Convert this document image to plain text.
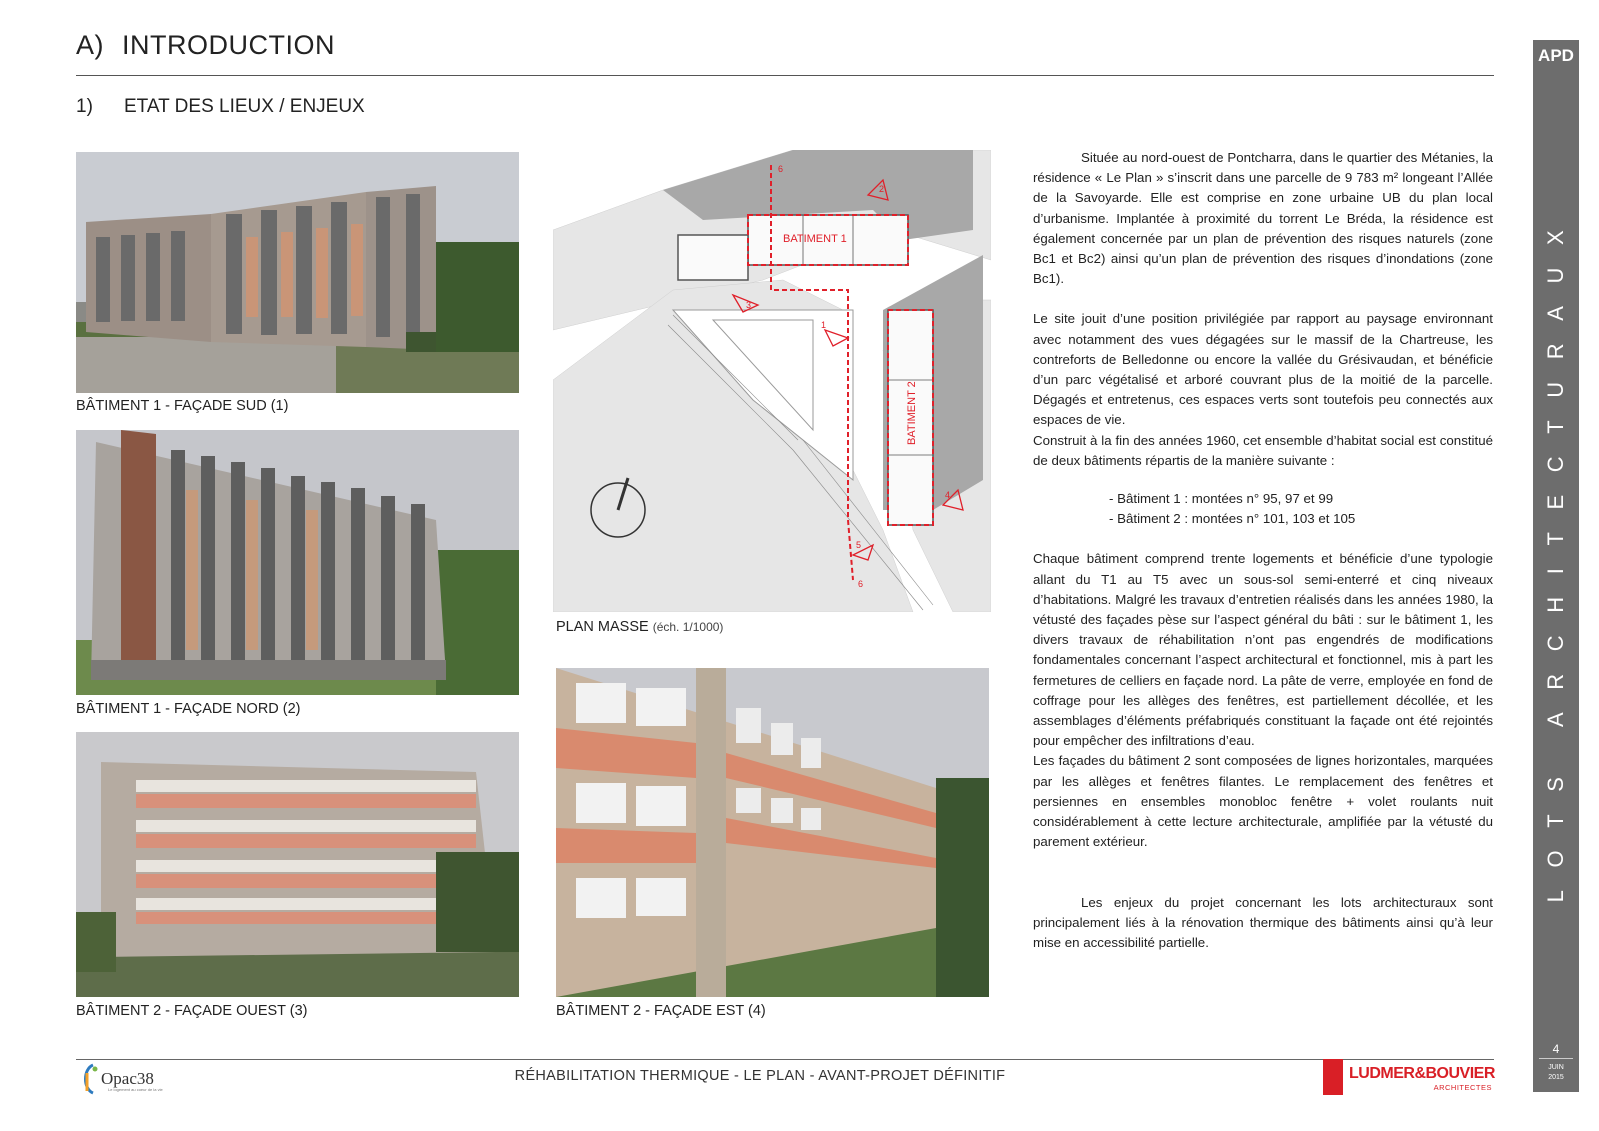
A) INTRODUCTION
1) ETAT DES LIEUX / ENJEUX
BÂTIMENT 1 - FAÇADE SUD (1)
BÂTIMENT 1 - FAÇADE NORD (2)
BÂTIMENT 2 - FAÇADE OUEST (3)
1
2
3
4
5
6
6
BATIMENT 1
BATIMENT 2
PLAN MASSE (éch. 1/1000)
BÂTIMENT 2 - FAÇADE EST (4)

Située au nord-ouest de Pontcharra, dans le quartier des Métanies, la résidence « Le Plan » s’inscrit dans une parcelle de 9 783 m² longeant l’Allée de la Savoyarde. Elle est comprise en zone urbaine UB du plan local d’urbanisme. Implantée à proximité du torrent Le Bréda, la résidence est également concernée par un plan de prévention des risques naturels (zone Bc1 et Bc2) ainsi qu’un plan de prévention des risques d’inondations (zone Bc1).

Le site jouit d’une position privilégiée par rapport au paysage environnant avec notamment des vues dégagées sur le massif de la Chartreuse, les contreforts de Belledonne ou encore la vallée du Grésivaudan, et bénéficie d’un parc végétalisé et arboré couvrant plus de la moitié de la parcelle. Dégagés et entretenus, ces espaces verts sont toutefois peu connectés aux espaces de vie.

Construit à la fin des années 1960, cet ensemble d’habitat social est constitué de deux bâtiments répartis de la manière suivante :

- Bâtiment 1 : montées n° 95, 97 et 99

- Bâtiment 2 : montées n° 101, 103 et 105

Chaque bâtiment comprend trente logements et bénéficie d’une typologie allant du T1 au T5 avec un sous-sol semi-enterré et cinq niveaux d’habitations. Malgré les travaux d’entretien réalisés dans les années 1980, la vétusté des façades pèse sur l’aspect général du bâti : sur le bâtiment 1, les divers travaux de réhabilitation n’ont pas engendrés de modifications fondamentales concernant l’aspect architectural et fonctionnel, mis à part les fermetures de celliers en façade nord. La pâte de verre, employée en fond de coffrage pour les allèges des fenêtres, est partiellement décollée, et les assemblages d’éléments préfabriqués constituant la façade ont été rejointés pour empêcher des infiltrations d’eau.

Les façades du bâtiment 2 sont composées de lignes horizontales, marquées par les allèges et fenêtres filantes. Le remplacement des fenêtres et persiennes en ensembles monobloc fenêtre + volet roulants nuit considérablement à cette lecture architecturale, amplifiée par la vétusté du parement extérieur.

Les enjeux du projet concernant les lots architecturaux sont principalement liés à la rénovation thermique des bâtiments ainsi qu’à leur mise en accessibilité partielle.

APD
LOTS ARCHITECTURAUX
4
JUIN
2015
Opac38
Le logement au coeur de la vie
RÉHABILITATION THERMIQUE - LE PLAN - AVANT-PROJET DÉFINITIF	LUDMER&BOUVIER
ARCHITECTES
